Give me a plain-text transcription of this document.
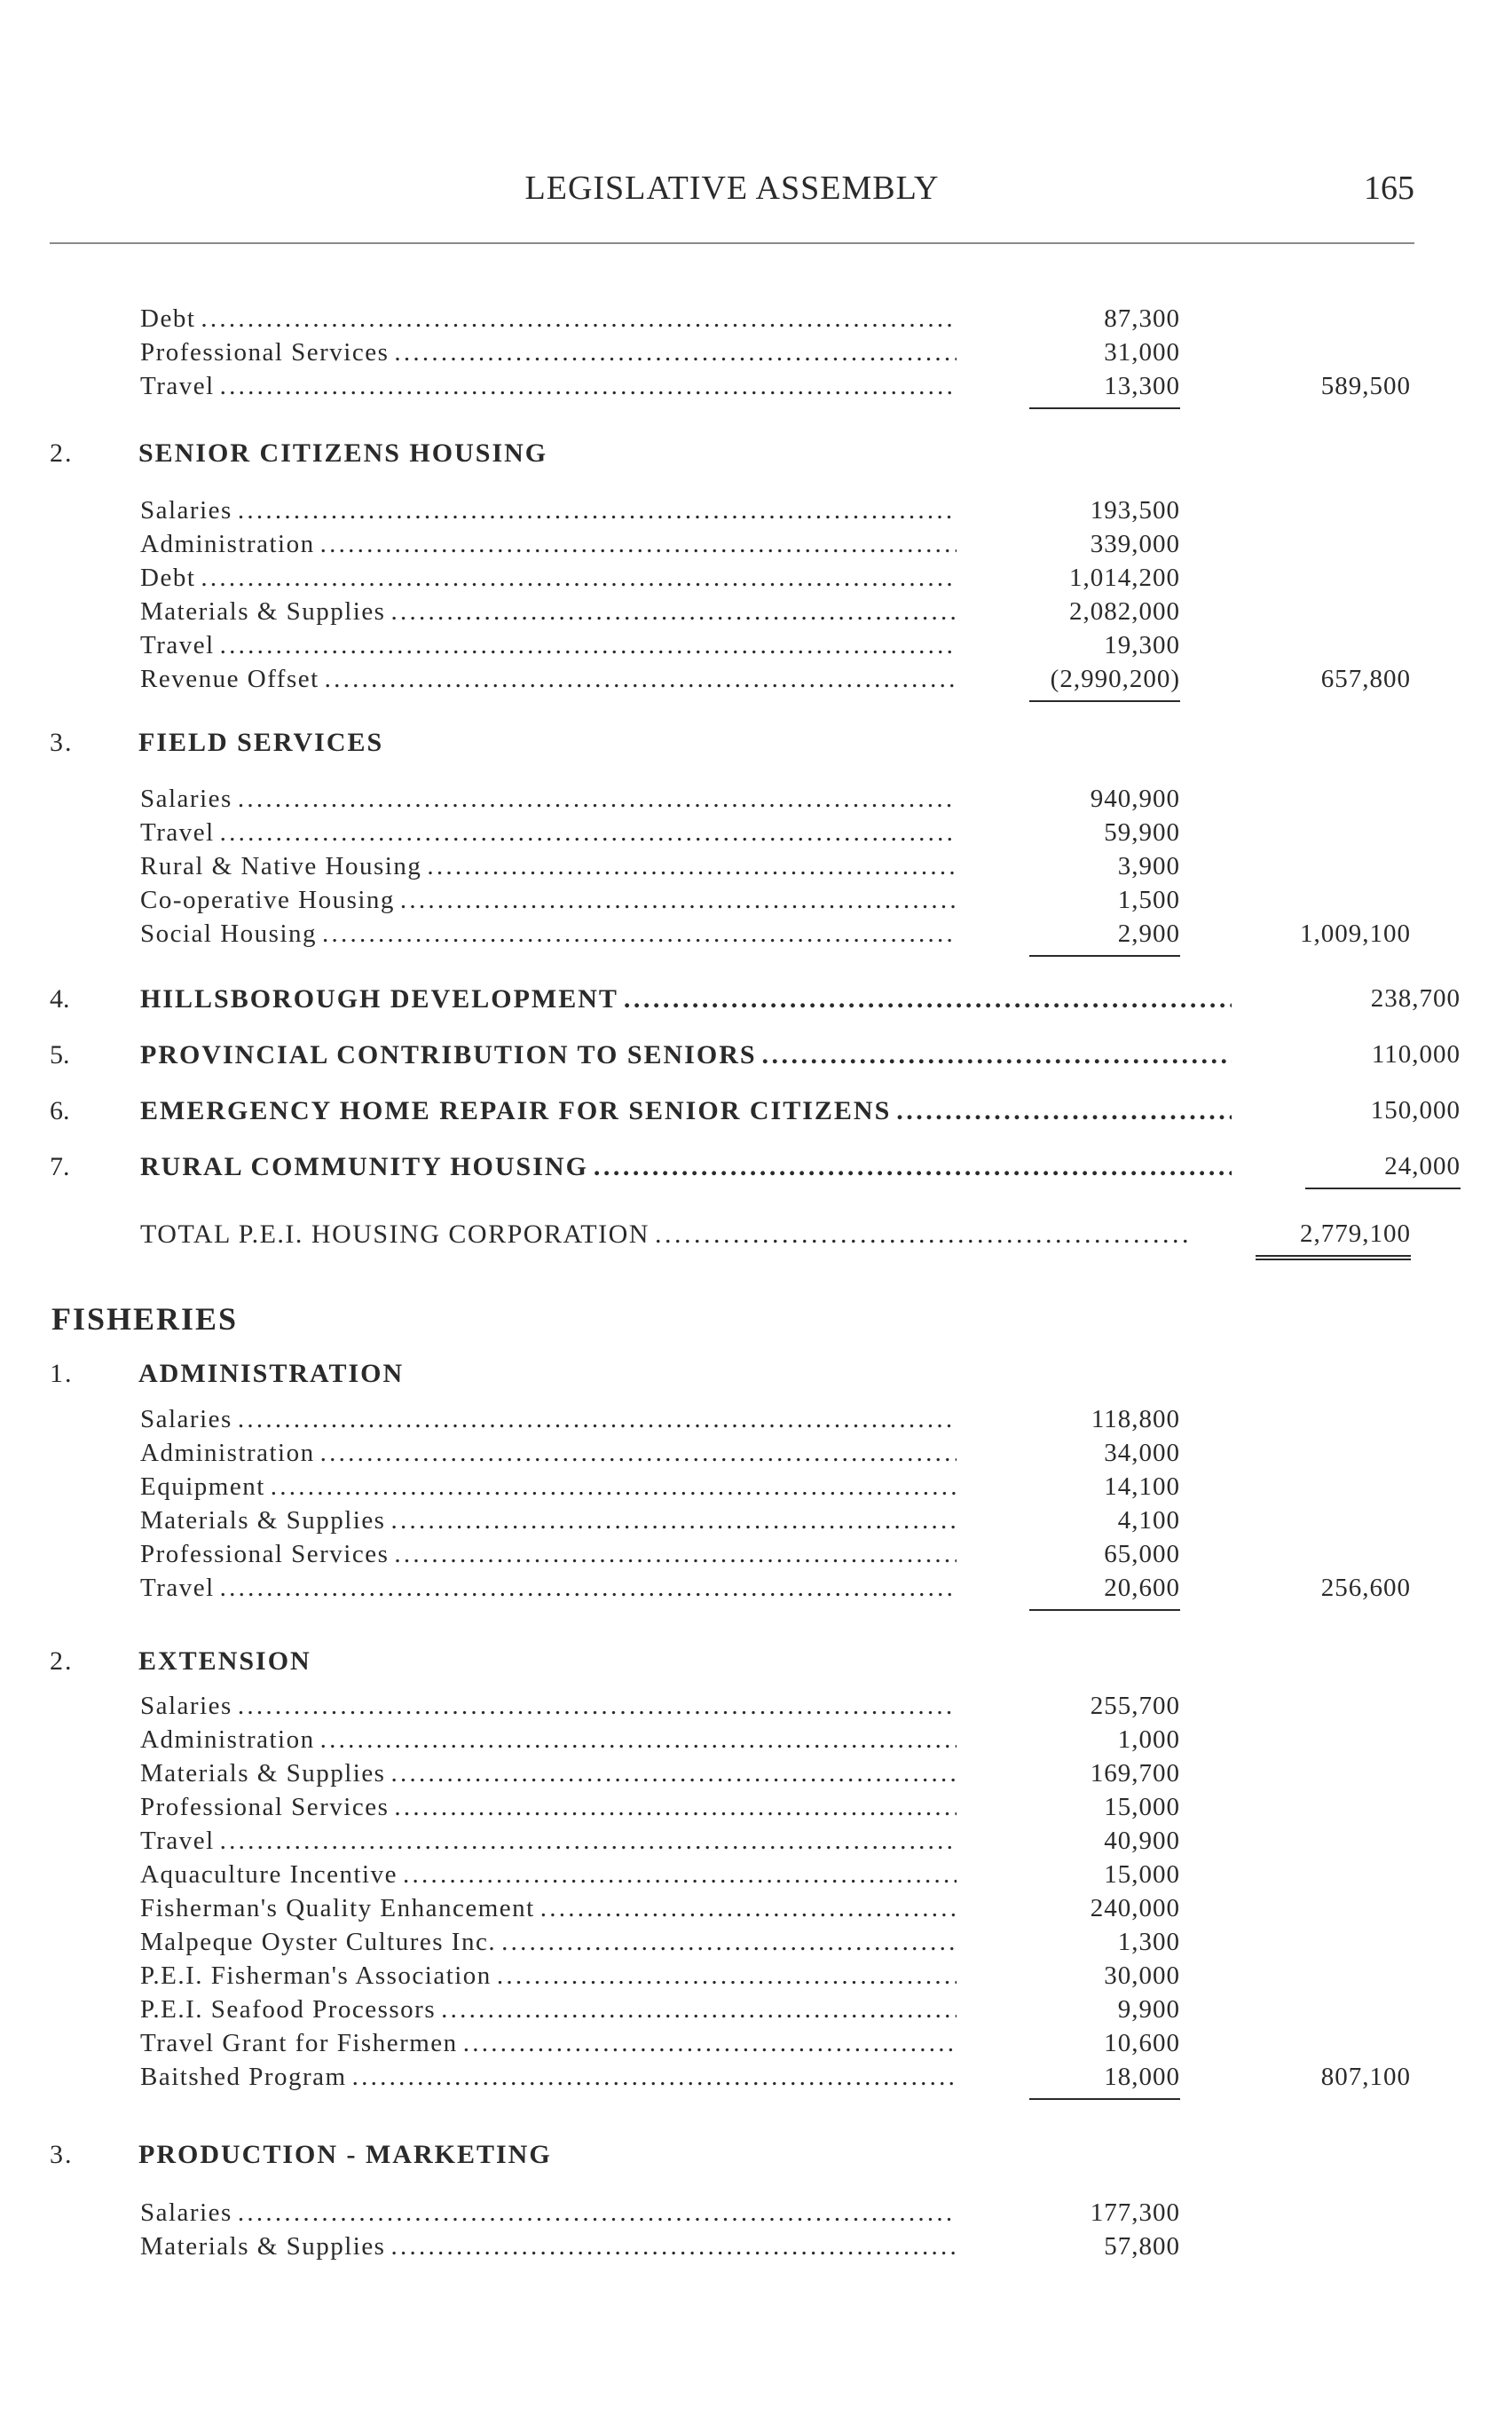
LEGISLATIVE ASSEMBLY	165
Debt . . .	87,300
Professional Services . . .	31,000
Travel . . .	13,300	589,500
2. SENIOR CITIZENS HOUSING
Salaries . . .	193,500
Administration . . .	339,000
Debt . . .	1,014,200
Materials & Supplies . . .	2,082,000
Travel . . .	19,300
Revenue Offset . . .	(2,990,200)	657,800
3. FIELD SERVICES
Salaries . . .	940,900
Travel . . .	59,900
Rural & Native Housing . . .	3,900
Co-operative Housing . . .	1,500
Social Housing . . .	2,900	1,009,100
4.	HILLSBOROUGH DEVELOPMENT . . .	238,700
5.	PROVINCIAL CONTRIBUTION TO SENIORS . . .	110,000
6.	EMERGENCY HOME REPAIR FOR SENIOR CITIZENS . . .	150,000
7.	RURAL COMMUNITY HOUSING . . .	24,000
TOTAL P.E.I. HOUSING CORPORATION . . .	2,779,100
FISHERIES
1. ADMINISTRATION
Salaries . . .	118,800
Administration . . .	34,000
Equipment . . .	14,100
Materials & Supplies . . .	4,100
Professional Services . . .	65,000
Travel . . .	20,600	256,600
2. EXTENSION
Salaries . . .	255,700
Administration . . .	1,000
Materials & Supplies . . .	169,700
Professional Services . . .	15,000
Travel . . .	40,900
Aquaculture Incentive . . .	15,000
Fisherman's Quality Enhancement . . .	240,000
Malpeque Oyster Cultures Inc. . . .	1,300
P.E.I. Fisherman's Association . . .	30,000
P.E.I. Seafood Processors . . .	9,900
Travel Grant for Fishermen . . .	10,600
Baitshed Program . . .	18,000	807,100
3. PRODUCTION - MARKETING
Salaries . . .	177,300
Materials & Supplies . . .	57,800
